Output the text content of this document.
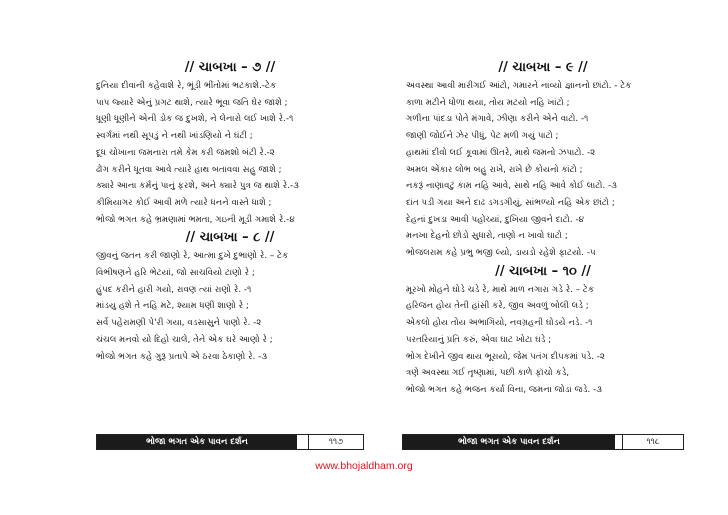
// ચાબખા – ૭ //
દુનિયા દીવાની કહેવાશે રે, ભૂંડી ભીંતોમાં ભટકાશે.-ટેક
પાપ જ્યારે એનું પ્રગટ થાશે, ત્યારે ભૂવા જતિ ઘેર જાશે ;
ધૂણી ધૂણીને એની ડોક જ દુખશે, ને લેનારો લઈ ખાશે રે.-૧
સ્વર્ગમાં નથી સૂપડું ને નથી ખાંડણિયો ને ઘંટી ;
દૂધ ચોખાના જમનારા તમે કેમ કરી જમશો બંટી રે.-૨
ઢોંગ કરીને ધૂતવા આવે ત્યારે હાથ બતાવવા સહુ જાશે ;
ક્યારે આના કર્મનું પાનું ફરશે, અને ક્યારે પુત્ર જ થાશે રે.-૩
કીમિયાગર કોઈ આવી મળે ત્યારે ધનને વાસ્તે ધાશે ;
ભોજો ભગત કહે ભ્રમણામાં ભમતા, ગઇની મૂડી ગમાશે રે.-૪
// ચાબખા – ૮ //
જીવનું જતન કરી જાણો રે, આત્મા દુખે દુભાણો રે. – ટેક
વિભીષણને હરિ ભેટયાં, જો સાચવિયો ટાણો રે ;
હુંપદ કરીને હારી ગયો, રાવણ ત્યાં રાણો રે. -૧
માંડયુ હશે તે નહિ મટે, શ્યામ ધણી શાણો રે ;
સર્વે પહેરામણી પે'રી ગયા, વડસાસુને પાણો રે. -૨
ચંચલ મનવો યો દિહો ચાલે, તેને એક ઘરે આણો રે ;
ભોજો ભગત કહે ગુરૂ પ્રતાપે એ ઠરવા ઠેકાણો રે. -૩
// ચાબખા – ૯ //
અવસ્થા આવી મારીગઈ આંટો, ગમારને નાવ્યો જ્ઞાનનો છાંટો. - ટેક
કાળા મટીને ધોળા થયા, તોય મટયો નહિ ખાંટો ;
ગળીના પાંદડા પોતે મંગાવે, ઝીણા કરીને એને વાટો. -૧
જાણી જોઈને ઝેર પીધું, પેટ મળી ગયું પાટો ;
હાથમાં દીવો લઈ કૂવામાં ઊતરે, માથે જમનો ઝપાટો. -૨
અમલ એંકાર લોભ બહુ રાખે, રાખે છે કોયનો કાંટો ;
નકરૂં નાણાવટું કામ નહિ આવે, સાથે નહિ આવે કોઈ લાટો. -૩
દાંત પડી ગયા અને દાઢ ડગડગીયું, સાંભળ્યો નહિ એક છાંટો ;
દેહનાં દુખડા આવી પહોંચ્યાં, દુખિયા જીવને દાટો. -૪
મનખા દેહનો છોડો સુધારો, તાણો ન ખાવો ઘાટો ;
ભોજલરામ કહે પ્રભુ ભજી લ્યો, ડાયડો રહેશે ફાટયો. -૫
// ચાબખા – ૧૦ //
મૂરખો મોહને ઘોડે ચડે રે, માથે માળ નગારા ગડે રે. – ટેક
હરિજન હોય તેની હાંસી કરે, જીવ અવળું બોલી લડે ;
એકલો હોય તોય અભાગિયો, નવગ્રહની ઘોડયે નડે. -૧
પરતરિયાનું પ્રતિ કરું, એવા ઘાટ ખોટા ઘડે ;
ભોગ દેખીને જીવ થાય ભૂરાયો, જેમ પતંગ દીપકમાં પડે. -૨
ત્રણે અવસ્થા ગઈ તૃષ્ણામાં, પછી કાળે ફૉચો કડે,
ભોજો ભગત કહે ભજન કર્યા વિના, જમના જોડા જડે. -૩
ભોજા ભગત એક પાવન દર્શન	૧૧૭	ભોજા ભગત એક પાવન દર્શન	૧૧૮
www.bhojaldham.org
